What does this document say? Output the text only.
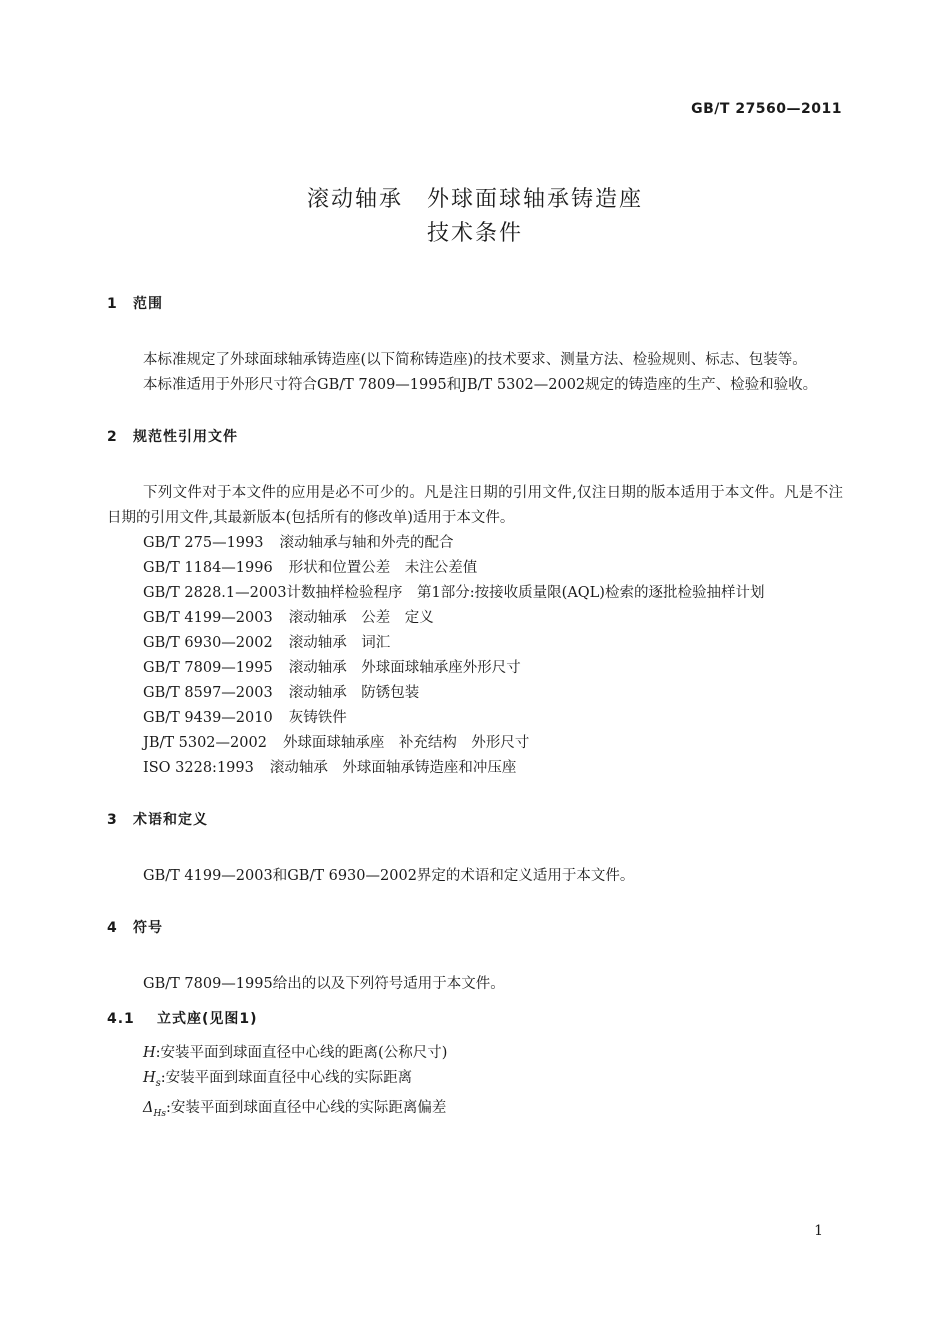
GB/T 27560—2011
滚动轴承　外球面球轴承铸造座
技术条件
1 范围

本标准规定了外球面球轴承铸造座(以下简称铸造座)的技术要求、测量方法、检验规则、标志、包装等。

本标准适用于外形尺寸符合GB/T 7809—1995和JB/T 5302—2002规定的铸造座的生产、检验和验收。

2 规范性引用文件

下列文件对于本文件的应用是必不可少的。凡是注日期的引用文件,仅注日期的版本适用于本文件。凡是不注日期的引用文件,其最新版本(包括所有的修改单)适用于本文件。

GB/T 275—1993 滚动轴承与轴和外壳的配合

GB/T 1184—1996 形状和位置公差　未注公差值

GB/T 2828.1—2003计数抽样检验程序　第1部分:按接收质量限(AQL)检索的逐批检验抽样计划

GB/T 4199—2003 滚动轴承　公差　定义

GB/T 6930—2002 滚动轴承　词汇

GB/T 7809—1995 滚动轴承　外球面球轴承座外形尺寸

GB/T 8597—2003 滚动轴承　防锈包装

GB/T 9439—2010 灰铸铁件

JB/T 5302—2002 外球面球轴承座　补充结构　外形尺寸

ISO 3228:1993 滚动轴承　外球面轴承铸造座和冲压座

3 术语和定义

GB/T 4199—2003和GB/T 6930—2002界定的术语和定义适用于本文件。

4 符号

GB/T 7809—1995给出的以及下列符号适用于本文件。

4.1 立式座(见图1)

H:安装平面到球面直径中心线的距离(公称尺寸)

$H_s$:安装平面到球面直径中心线的实际距离

$\Delta_{Hs}$:安装平面到球面直径中心线的实际距离偏差

1
